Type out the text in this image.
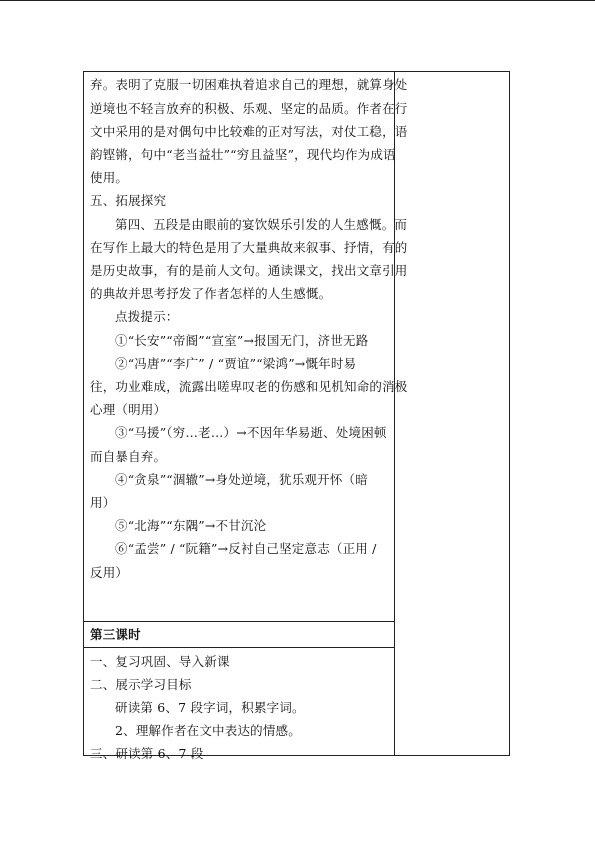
弃。表明了克服一切困难执着追求自己的理想，就算身处
逆境也不轻言放弃的积极、乐观、坚定的品质。作者在行
文中采用的是对偶句中比较难的正对写法，对仗工稳，语
韵铿锵，句中“老当益壮”“穷且益坚”，现代均作为成语
使用。
五、拓展探究
第四、五段是由眼前的宴饮娱乐引发的人生感慨。而
在写作上最大的特色是用了大量典故来叙事、抒情，有的
是历史故事，有的是前人文句。通读课文，找出文章引用
的典故并思考抒发了作者怎样的人生感慨。
点拨提示：
①“长安”“帝阍”“宣室”→报国无门，济世无路
②“冯唐”“李广” / “贾谊”“梁鸿”→慨年时易
往，功业难成，流露出嗟卑叹老的伤感和见机知命的消极
心理（明用）
③“马援”（穷…老…）→不因年华易逝、处境困顿
而自暴自弃。
④“贪泉”“涸辙”→身处逆境，犹乐观开怀（暗
用）
⑤“北海”“东隅”→不甘沉沦
⑥“孟尝” / “阮籍”→反衬自己坚定意志（正用 /
反用）
第三课时
一、复习巩固、导入新课
二、展示学习目标
研读第 6、7 段字词，积累字词。
2、理解作者在文中表达的情感。
三、研读第 6、7 段
